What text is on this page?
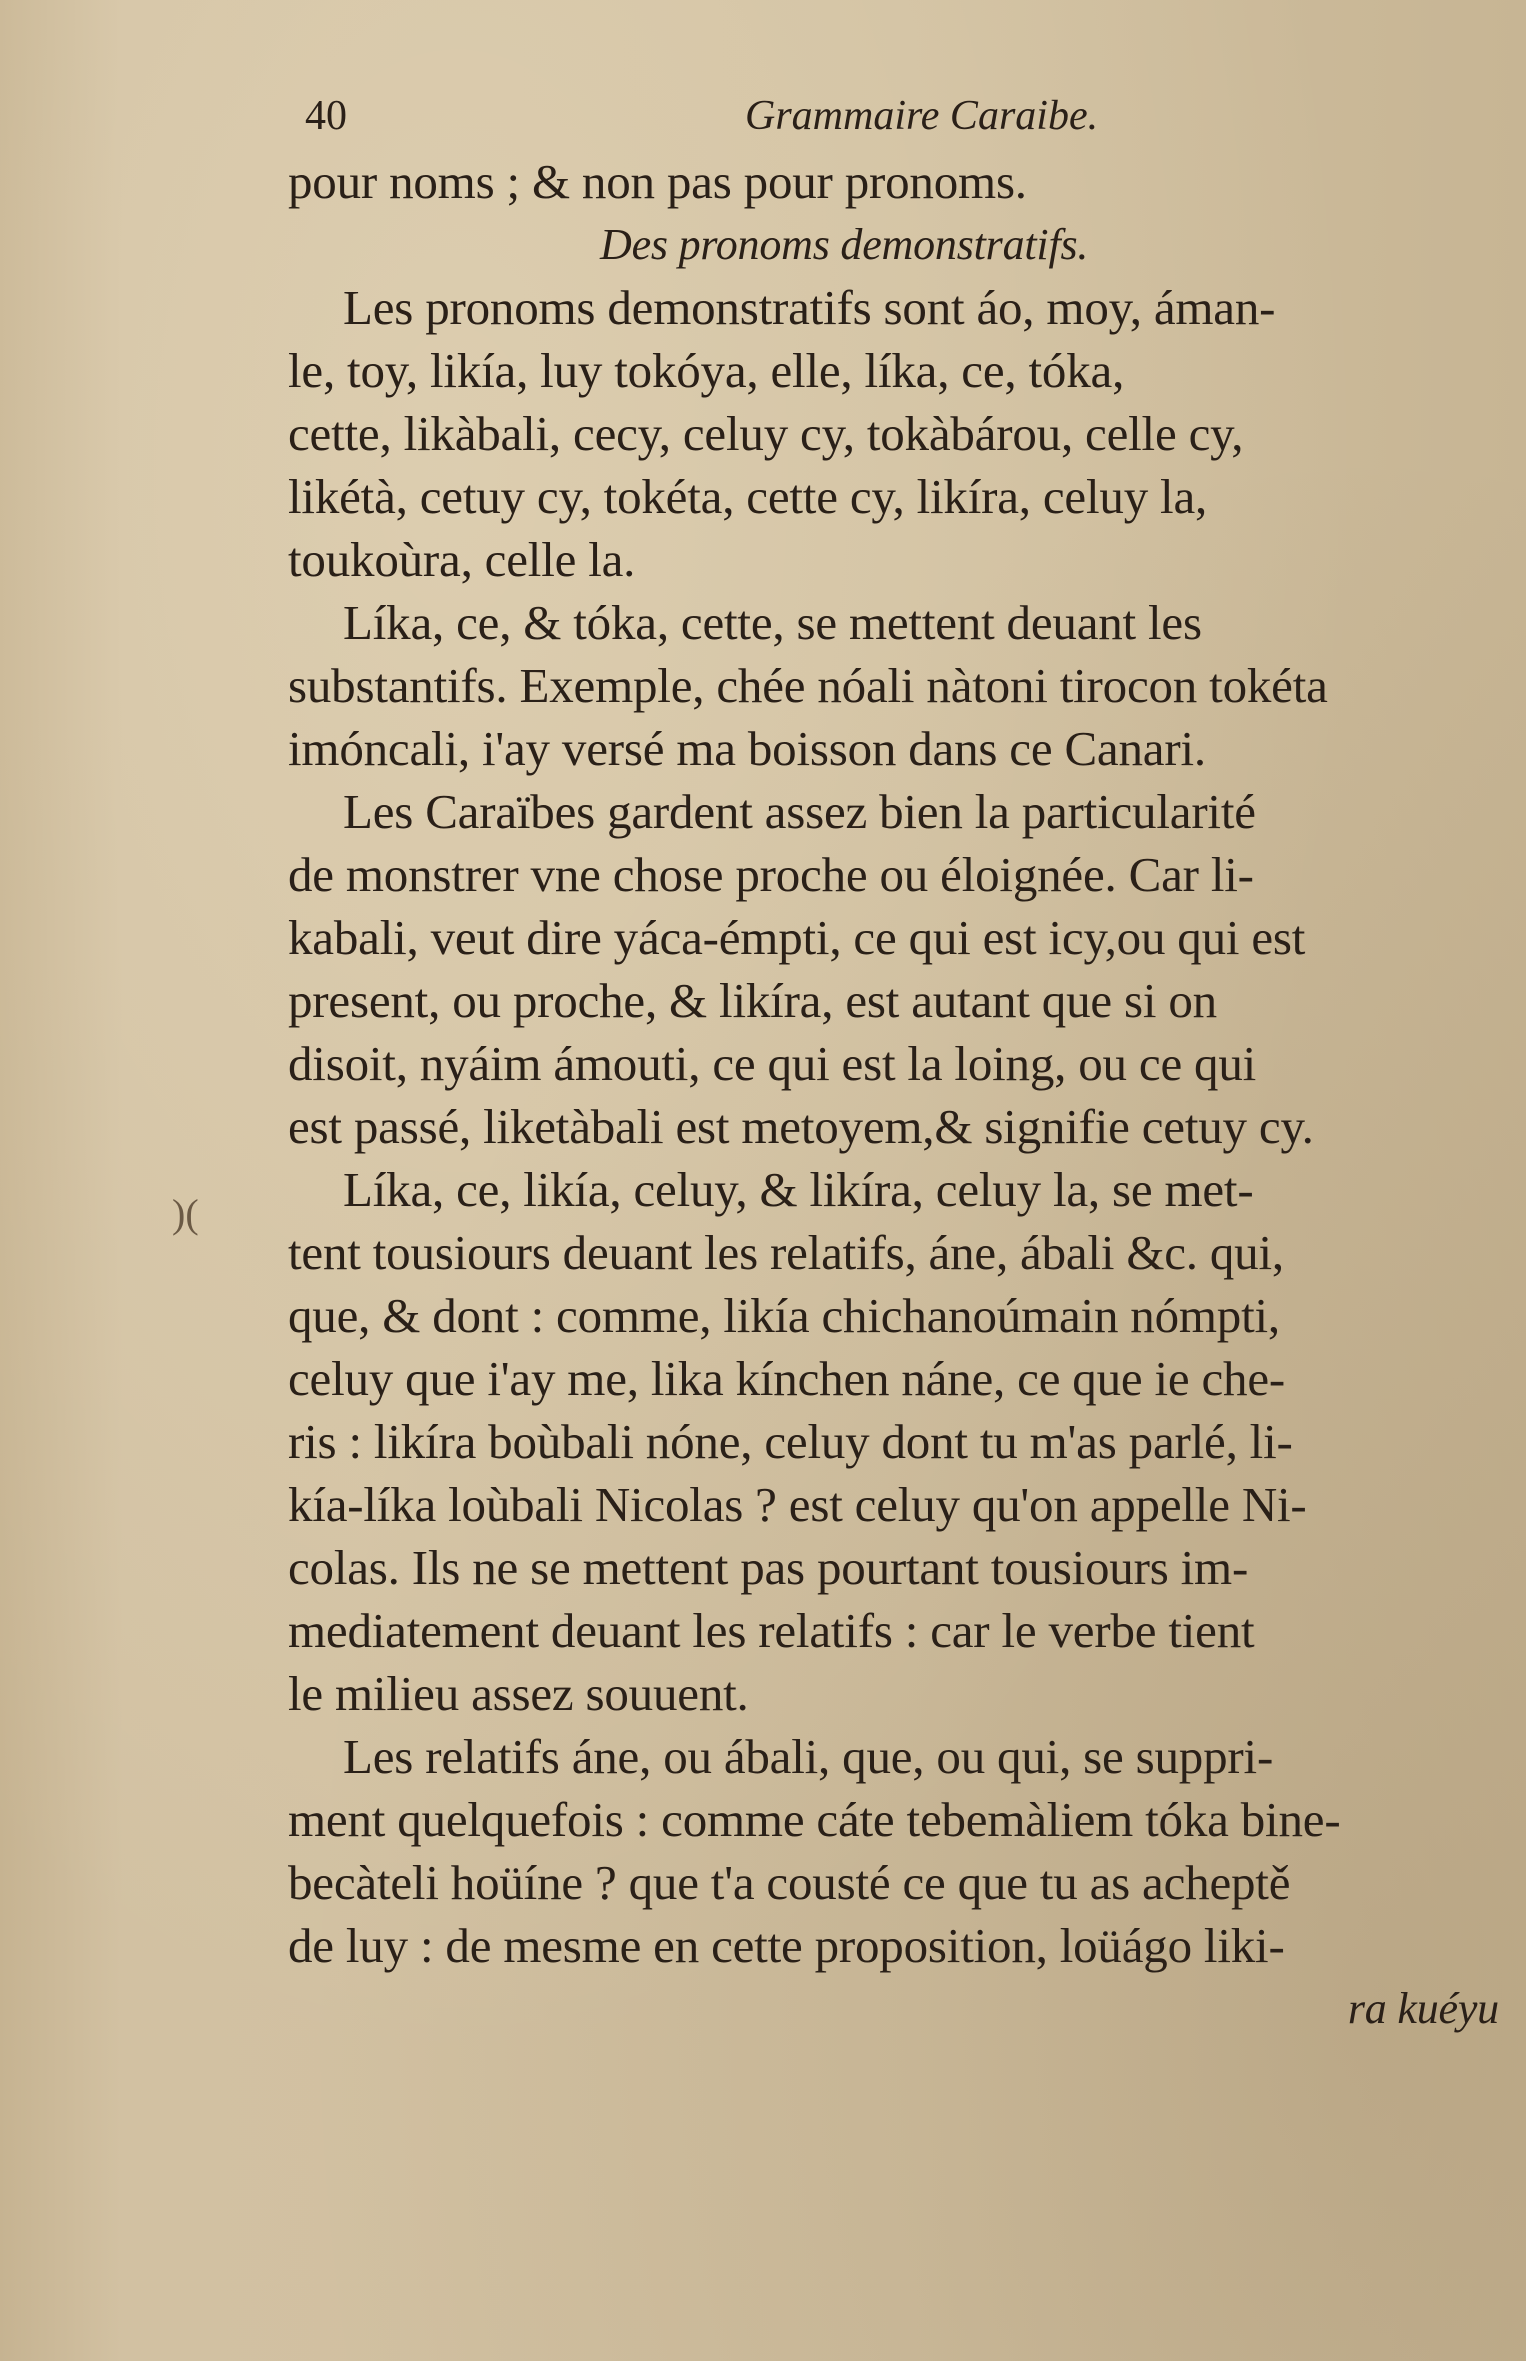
40	Grammaire Caraibe.
)(
pour noms ; & non pas pour pronoms.
Des pronoms demonstratifs.
Les pronoms demonstratifs sont áo, moy, áman-
le, toy, likía, luy tokóya, elle, líka, ce, tóka,
cette, likàbali, cecy, celuy cy, tokàbárou, celle cy,
likétà, cetuy cy, tokéta, cette cy, likíra, celuy la,
toukoùra, celle la.
Líka, ce, & tóka, cette, se mettent deuant les
substantifs. Exemple, chée nóali nàtoni tirocon tokéta
imóncali, i'ay versé ma boisson dans ce Canari.
Les Caraïbes gardent assez bien la particularité
de monstrer vne chose proche ou éloignée. Car li-
kabali, veut dire yáca-émpti, ce qui est icy,ou qui est
present, ou proche, & likíra, est autant que si on
disoit, nyáim ámouti, ce qui est la loing, ou ce qui
est passé, liketàbali est metoyem,& signifie cetuy cy.
Líka, ce, likía, celuy, & likíra, celuy la, se met-
tent tousiours deuant les relatifs, áne, ábali &c. qui,
que, & dont : comme, likía chichanoúmain nómpti,
celuy que i'ay me, lika kínchen náne, ce que ie che-
ris : likíra boùbali nóne, celuy dont tu m'as parlé, li-
kía-líka loùbali Nicolas ? est celuy qu'on appelle Ni-
colas. Ils ne se mettent pas pourtant tousiours im-
mediatement deuant les relatifs : car le verbe tient
le milieu assez souuent.
Les relatifs áne, ou ábali, que, ou qui, se suppri-
ment quelquefois : comme cáte tebemàliem tóka bine-
becàteli hoüíne ? que t'a cousté ce que tu as acheptě
de luy : de mesme en cette proposition, loüágo liki-
ra kuéyu
